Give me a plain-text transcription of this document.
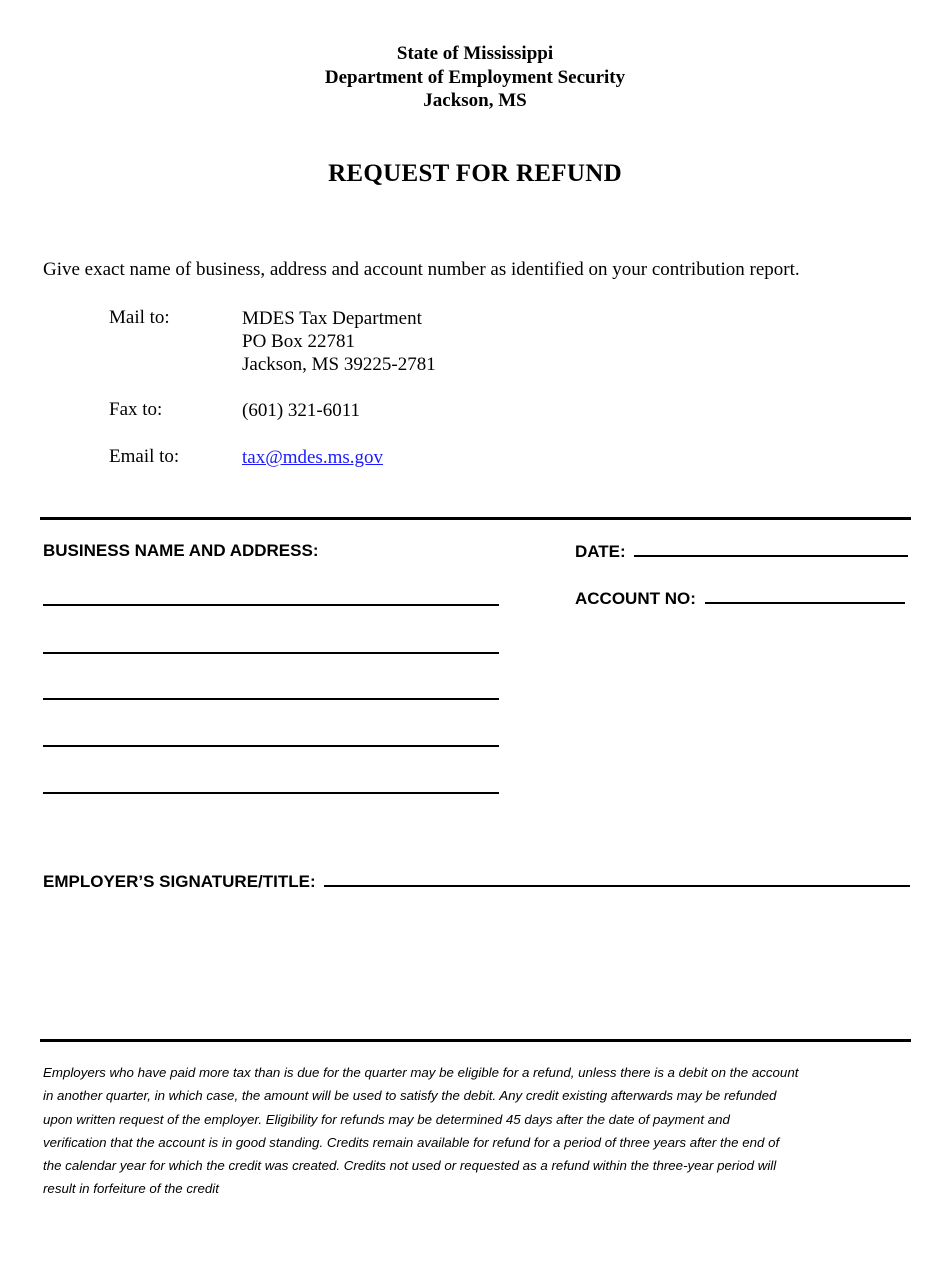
State of Mississippi
Department of Employment Security
Jackson, MS
REQUEST FOR REFUND
Give exact name of business, address and account number as identified on your contribution report.
Mail to:	MDES Tax Department
PO Box 22781
Jackson, MS 39225-2781
Fax to:	(601) 321-6011
Email to:	tax@mdes.ms.gov
BUSINESS NAME AND ADDRESS:	DATE:
ACCOUNT NO:
EMPLOYER’S SIGNATURE/TITLE:
Employers who have paid more tax than is due for the quarter may be eligible for a refund, unless there is a debit on the account
in another quarter, in which case, the amount will be used to satisfy the debit. Any credit existing afterwards may be refunded
upon written request of the employer. Eligibility for refunds may be determined 45 days after the date of payment and
verification that the account is in good standing. Credits remain available for refund for a period of three years after the end of
the calendar year for which the credit was created. Credits not used or requested as a refund within the three-year period will
result in forfeiture of the credit
